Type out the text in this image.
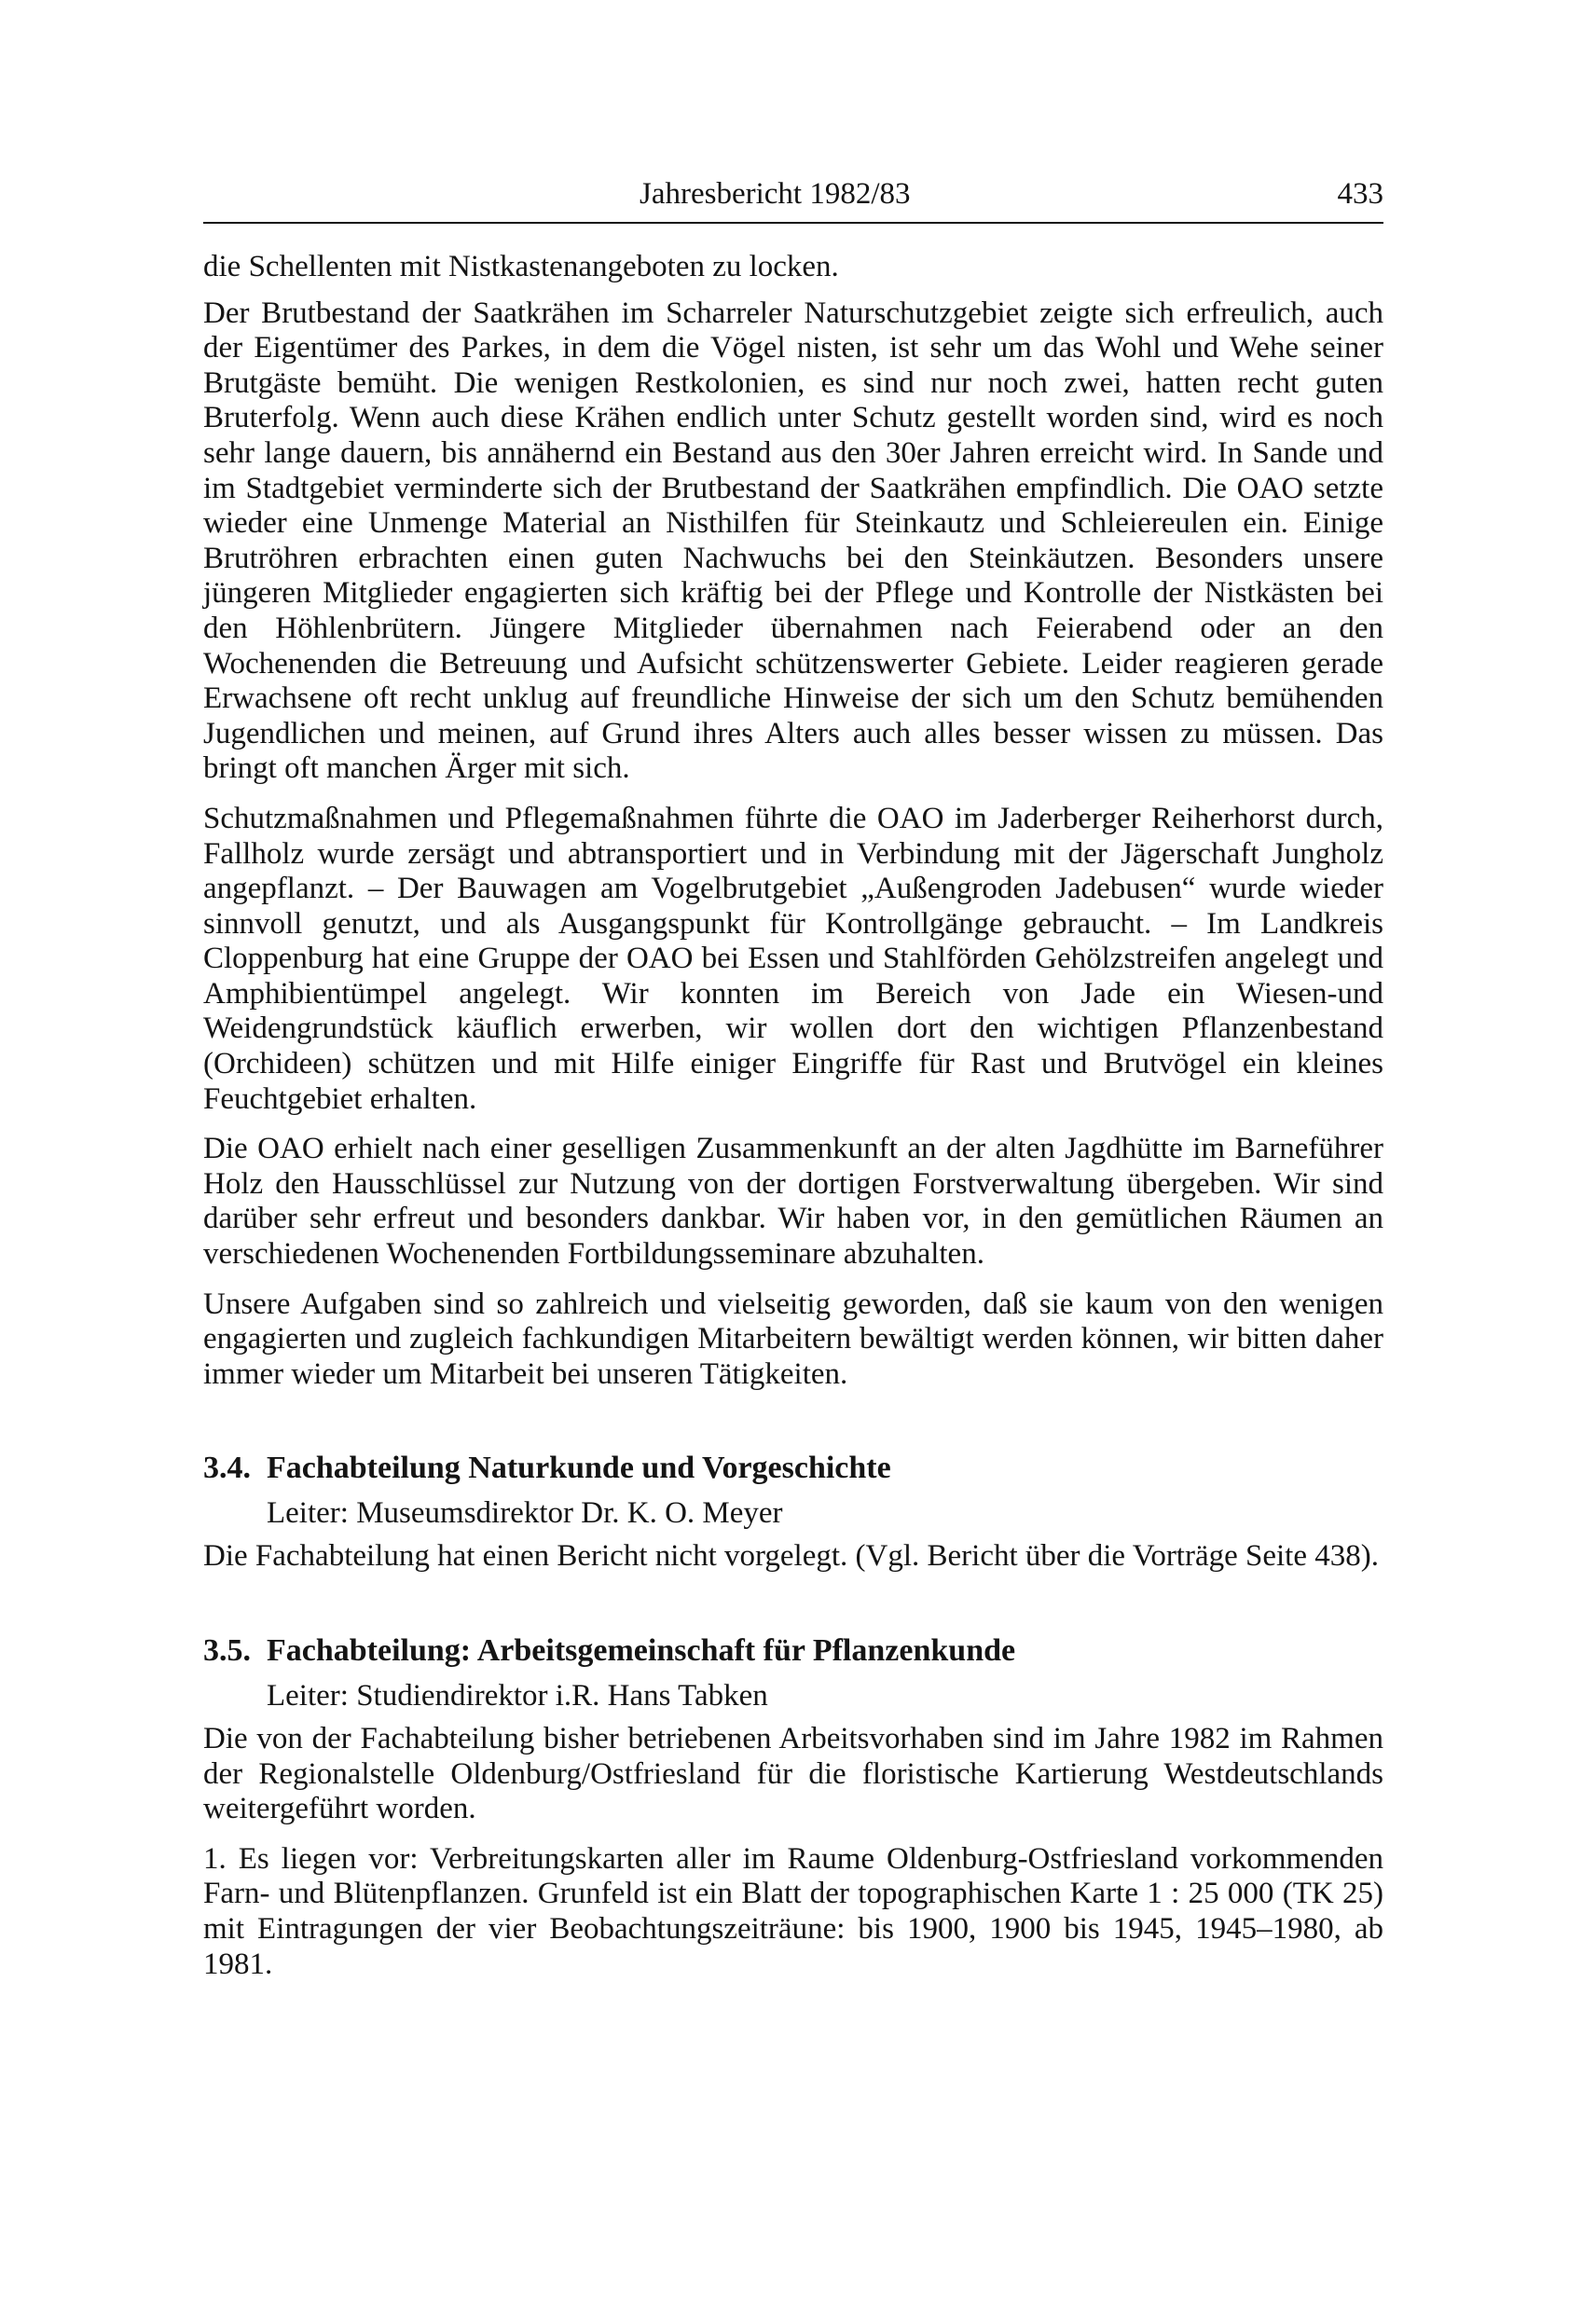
Jahresbericht 1982/83	433

die Schellenten mit Nistkastenangeboten zu locken.

Der Brutbestand der Saatkrähen im Scharreler Naturschutzgebiet zeigte sich erfreulich, auch der Eigentümer des Parkes, in dem die Vögel nisten, ist sehr um das Wohl und Wehe seiner Brutgäste bemüht. Die wenigen Restkolonien, es sind nur noch zwei, hatten recht guten Bruterfolg. Wenn auch diese Krähen endlich unter Schutz gestellt worden sind, wird es noch sehr lange dauern, bis annähernd ein Bestand aus den 30er Jahren erreicht wird. In Sande und im Stadtgebiet verminderte sich der Brutbestand der Saatkrähen empfindlich. Die OAO setzte wieder eine Unmenge Material an Nisthilfen für Steinkautz und Schleiereulen ein. Einige Brutröhren erbrachten einen guten Nachwuchs bei den Steinkäutzen. Besonders unsere jüngeren Mitglieder engagierten sich kräftig bei der Pflege und Kontrolle der Nistkästen bei den Höhlenbrütern. Jüngere Mitglieder übernahmen nach Feierabend oder an den Wochenenden die Betreuung und Aufsicht schützenswerter Gebiete. Leider reagieren gerade Erwachsene oft recht unklug auf freundliche Hinweise der sich um den Schutz bemühenden Jugendlichen und meinen, auf Grund ihres Alters auch alles besser wissen zu müssen. Das bringt oft manchen Ärger mit sich.

Schutzmaßnahmen und Pflegemaßnahmen führte die OAO im Jaderberger Reiherhorst durch, Fallholz wurde zersägt und abtransportiert und in Verbindung mit der Jägerschaft Jungholz angepflanzt. – Der Bauwagen am Vogelbrutgebiet „Außengroden Jadebusen“ wurde wieder sinnvoll genutzt, und als Ausgangspunkt für Kontrollgänge gebraucht. – Im Landkreis Cloppenburg hat eine Gruppe der OAO bei Essen und Stahlförden Gehölzstreifen angelegt und Amphibientümpel angelegt. Wir konnten im Bereich von Jade ein Wiesen-und Weidengrundstück käuflich erwerben, wir wollen dort den wichtigen Pflanzenbestand (Orchideen) schützen und mit Hilfe einiger Eingriffe für Rast und Brutvögel ein kleines Feuchtgebiet erhalten.

Die OAO erhielt nach einer geselligen Zusammenkunft an der alten Jagdhütte im Barneführer Holz den Hausschlüssel zur Nutzung von der dortigen Forstverwaltung übergeben. Wir sind darüber sehr erfreut und besonders dankbar. Wir haben vor, in den gemütlichen Räumen an verschiedenen Wochenenden Fortbildungsseminare abzuhalten.

Unsere Aufgaben sind so zahlreich und vielseitig geworden, daß sie kaum von den wenigen engagierten und zugleich fachkundigen Mitarbeitern bewältigt werden können, wir bitten daher immer wieder um Mitarbeit bei unseren Tätigkeiten.

3.4. Fachabteilung Naturkunde und Vorgeschichte

Leiter: Museumsdirektor Dr. K. O. Meyer

Die Fachabteilung hat einen Bericht nicht vorgelegt. (Vgl. Bericht über die Vorträge Seite 438).

3.5. Fachabteilung: Arbeitsgemeinschaft für Pflanzenkunde

Leiter: Studiendirektor i.R. Hans Tabken

Die von der Fachabteilung bisher betriebenen Arbeitsvorhaben sind im Jahre 1982 im Rahmen der Regionalstelle Oldenburg/Ostfriesland für die floristische Kartierung Westdeutschlands weitergeführt worden.

1. Es liegen vor: Verbreitungskarten aller im Raume Oldenburg-Ostfriesland vorkommenden Farn- und Blütenpflanzen. Grunfeld ist ein Blatt der topographischen Karte 1 : 25 000 (TK 25) mit Eintragungen der vier Beobachtungszeiträune: bis 1900, 1900 bis 1945, 1945–1980, ab 1981.
